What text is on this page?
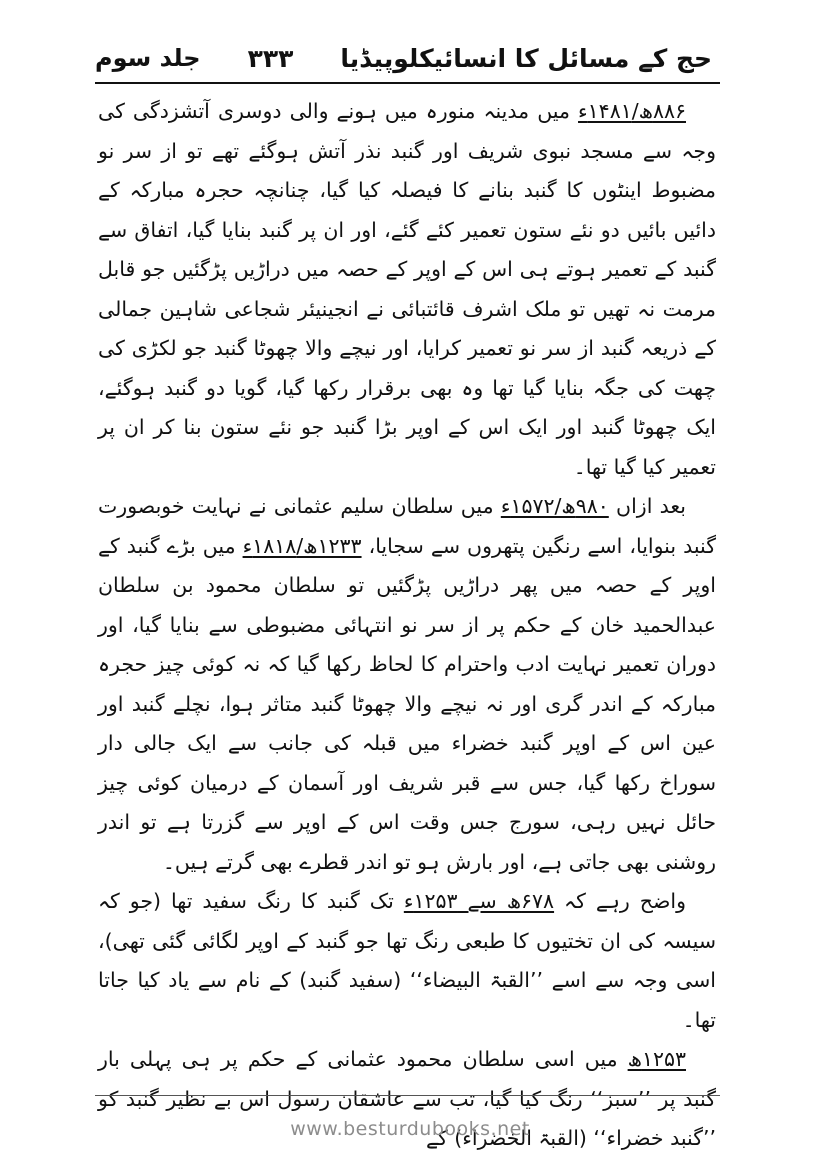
حج کے مسائل کا انسائیکلوپیڈیا
۳۳۳
جلد سوم

۸۸۶ھ/۱۴۸۱ء میں مدینہ منورہ میں ہونے والی دوسری آتشزدگی کی وجہ سے مسجد نبوی شریف اور گنبد نذر آتش ہوگئے تھے تو از سر نو مضبوط اینٹوں کا گنبد بنانے کا فیصلہ کیا گیا، چنانچہ حجرہ مبارکہ کے دائیں بائیں دو نئے ستون تعمیر کئے گئے، اور ان پر گنبد بنایا گیا، اتفاق سے گنبد کے تعمیر ہوتے ہی اس کے اوپر کے حصہ میں دراڑیں پڑگئیں جو قابل مرمت نہ تھیں تو ملک اشرف قائتبائی نے انجینیئر شجاعی شاہین جمالی کے ذریعہ گنبد از سر نو تعمیر کرایا، اور نیچے والا چھوٹا گنبد جو لکڑی کی چھت کی جگہ بنایا گیا تھا وہ بھی برقرار رکھا گیا، گویا دو گنبد ہوگئے، ایک چھوٹا گنبد اور ایک اس کے اوپر بڑا گنبد جو نئے ستون بنا کر ان پر تعمیر کیا گیا تھا۔

بعد ازاں ۹۸۰ھ/۱۵۷۲ء میں سلطان سلیم عثمانی نے نہایت خوبصورت گنبد بنوایا، اسے رنگین پتھروں سے سجایا، ۱۲۳۳ھ/۱۸۱۸ء میں بڑے گنبد کے اوپر کے حصہ میں پھر دراڑیں پڑگئیں تو سلطان محمود بن سلطان عبدالحمید خان کے حکم پر از سر نو انتہائی مضبوطی سے بنایا گیا، اور دوران تعمیر نہایت ادب واحترام کا لحاظ رکھا گیا کہ نہ کوئی چیز حجرہ مبارکہ کے اندر گری اور نہ نیچے والا چھوٹا گنبد متاثر ہوا، نچلے گنبد اور عین اس کے اوپر گنبد خضراء میں قبلہ کی جانب سے ایک جالی دار سوراخ رکھا گیا، جس سے قبر شریف اور آسمان کے درمیان کوئی چیز حائل نہیں رہی، سورج جس وقت اس کے اوپر سے گزرتا ہے تو اندر روشنی بھی جاتی ہے، اور بارش ہو تو اندر قطرے بھی گرتے ہیں۔

واضح رہے کہ ۶۷۸ھ سے ۱۲۵۳ء تک گنبد کا رنگ سفید تھا (جو کہ سیسہ کی ان تختیوں کا طبعی رنگ تھا جو گنبد کے اوپر لگائی گئی تھی)، اسی وجہ سے اسے ’’القبۃ البیضاء‘‘ (سفید گنبد) کے نام سے یاد کیا جاتا تھا۔

۱۲۵۳ھ میں اسی سلطان محمود عثمانی کے حکم پر ہی پہلی بار گنبد پر ’’سبز‘‘ رنگ کیا گیا، تب سے عاشقان رسول اس بے نظیر گنبد کو ’’گنبد خضراء‘‘ (القبۃ الخضراء) کے

www.besturdubooks.net
